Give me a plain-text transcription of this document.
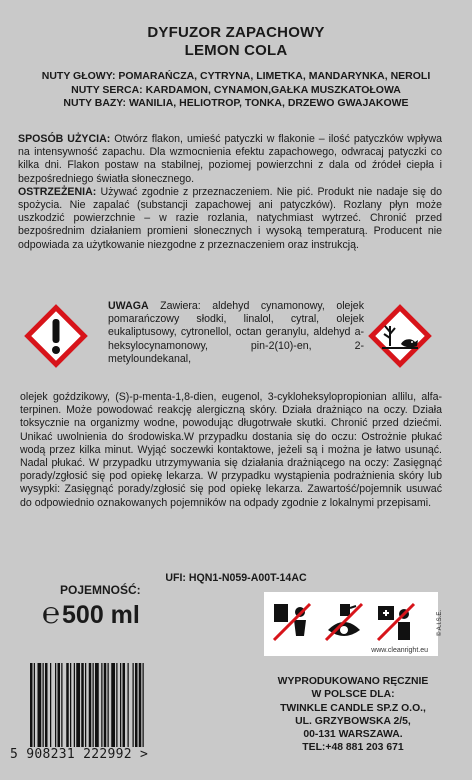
DYFUZOR ZAPACHOWY
LEMON COLA
NUTY GŁOWY: POMARAŃCZA, CYTRYNA, LIMETKA, MANDARYNKA, NEROLI
NUTY SERCA: KARDAMON, CYNAMON,GAŁKA MUSZKATOŁOWA
NUTY BAZY: WANILIA, HELIOTROP, TONKA, DRZEWO GWAJAKOWE
SPOSÓB UŻYCIA: Otwórz flakon, umieść patyczki w flakonie – ilość patyczków wpływa na intensywność zapachu. Dla wzmocnienia efektu zapachowego, odwracaj patyczki co kilka dni. Flakon postaw na stabilnej, poziomej powierzchni z dala od źródeł ciepła i bezpośredniego światła słonecznego.
OSTRZEŻENIA: Używać zgodnie z przeznaczeniem. Nie pić. Produkt nie nadaje się do spożycia. Nie zapalać (substancji zapachowej ani patyczków). Rozlany płyn może uszkodzić powierzchnie – w razie rozlania, natychmiast wytrzeć. Chronić przed bezpośrednim działaniem promieni słonecznych i wysoką temperaturą. Producent nie odpowiada za użytkowanie niezgodne z przeznaczeniem oraz instrukcją.
UWAGA Zawiera: aldehyd cynamonowy, olejek pomarańczowy słodki, linalol, cytral, olejek eukaliptusowy, cytronellol, octan geranylu, aldehyd a-heksylocynamonowy, pin-2(10)-en, 2-metyloundekanal,
olejek goździkowy, (S)-p-menta-1,8-dien, eugenol, 3-cyklohekѕylopropionian allilu, alfa-terpinen. Może powodować reakcję alergiczną skóry. Działa drażniąco na oczy. Działa toksycznie na organizmy wodne, powodując długotrwałe skutki. Chronić przed dziećmi. Unikać uwolnienia do środowiska.W przypadku dostania się do oczu: Ostrożnie płukać wodą przez kilka minut. Wyjąć soczewki kontaktowe, jeżeli są i można je łatwo usunąć. Nadal płukać. W przypadku utrzymywania się działania drażniącego na oczy: Zasięgnąć porady/zgłosić się pod opiekę lekarza. W przypadku wystąpienia podrażnienia skóry lub wysypki: Zasięgnąć porady/zgłosić się pod opiekę lekarza. Zawartość/pojemnik usuwać do odpowiednio oznakowanych pojemników na odpady zgodnie z lokalnymi przepisami.
UFI: HQN1-N059-A00T-14AC
POJEMNOŚĆ:
℮500 ml	© A.I.S.E.
www.cleanright.eu
5 908231 222992 >
WYPRODUKOWANO RĘCZNIE
W POLSCE DLA:
TWINKLE CANDLE SP.Z O.O.,
UL. GRZYBOWSKA 2/5,
00-131 WARSZAWA.
TEL:+48 881 203 671
